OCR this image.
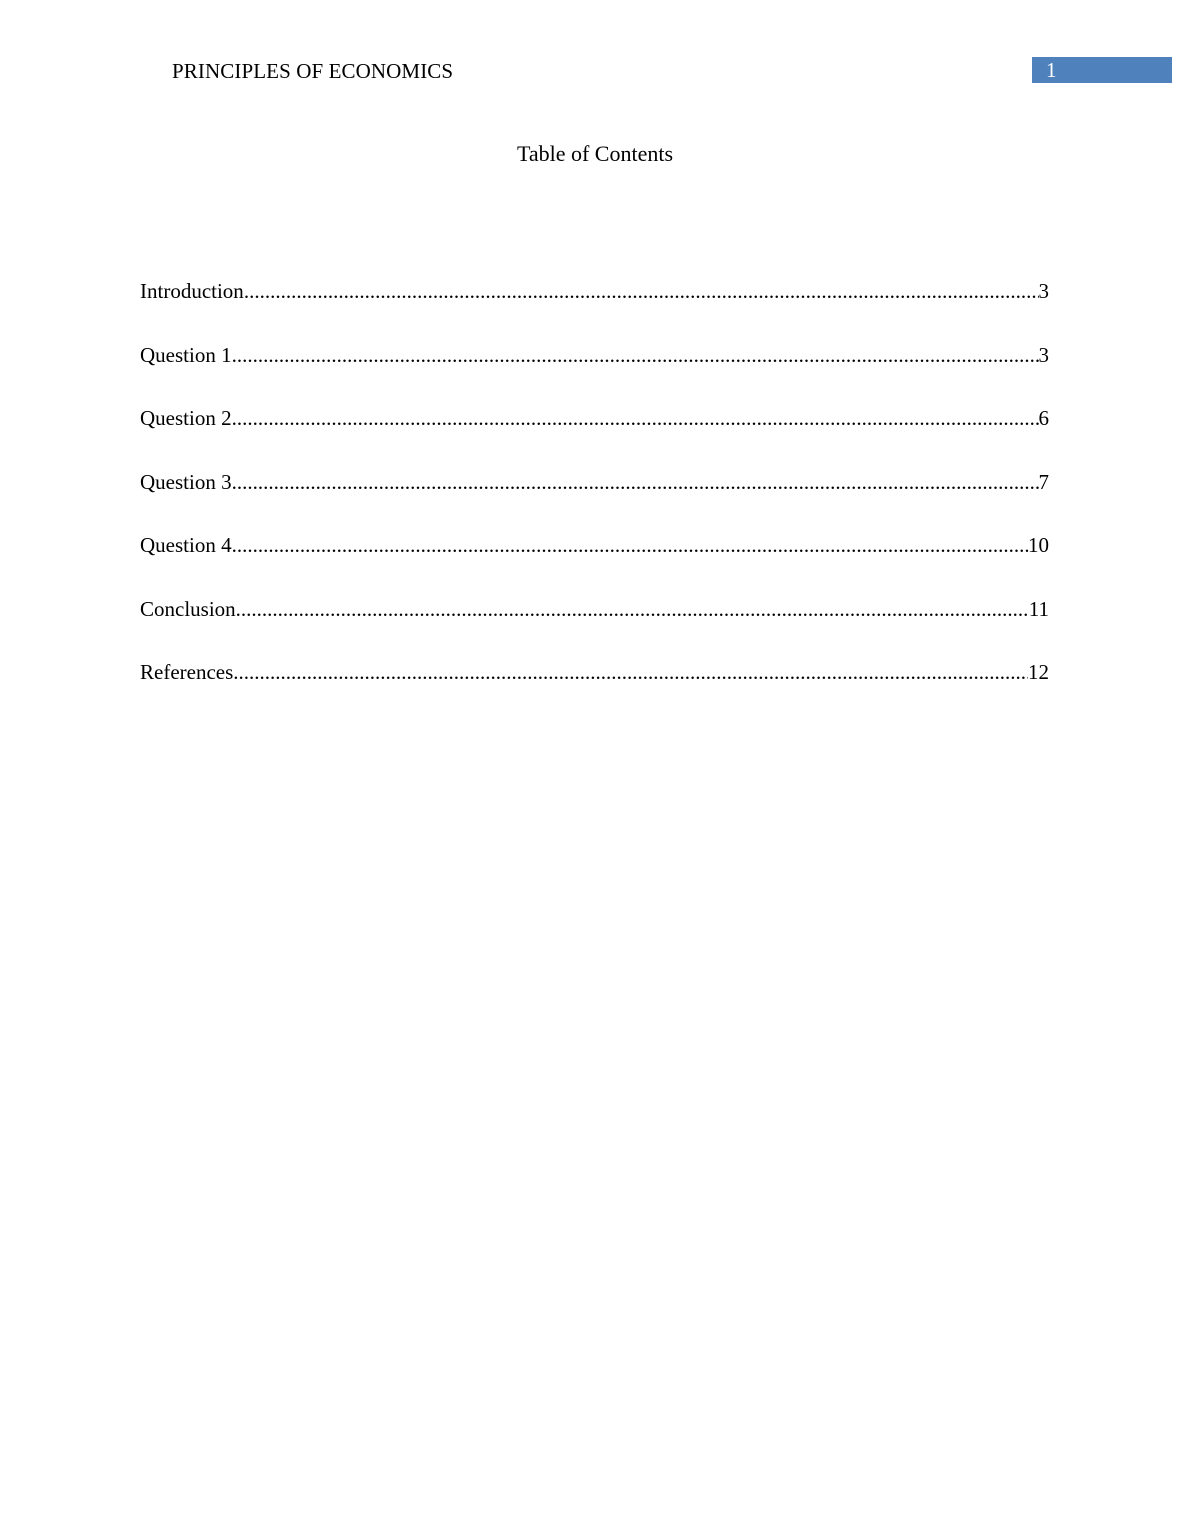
PRINCIPLES OF ECONOMICS	1
Table of Contents
Introduction .....	3
Question 1 .....	3
Question 2 .....	6
Question 3 .....	7
Question 4 .....	10
Conclusion .....	11
References .....	12
